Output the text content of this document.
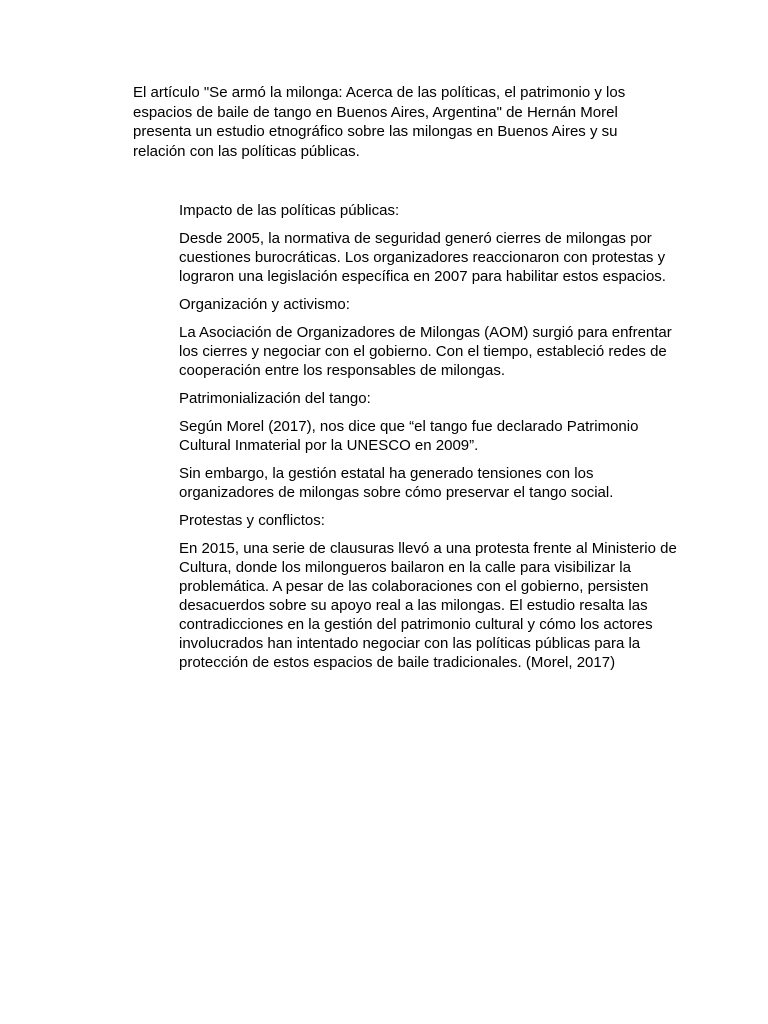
El artículo "Se armó la milonga: Acerca de las políticas, el patrimonio y los espacios de baile de tango en Buenos Aires, Argentina" de Hernán Morel presenta un estudio etnográfico sobre las milongas en Buenos Aires y su relación con las políticas públicas.

Impacto de las políticas públicas:

Desde 2005, la normativa de seguridad generó cierres de milongas por cuestiones burocráticas. Los organizadores reaccionaron con protestas y lograron una legislación específica en 2007 para habilitar estos espacios.

Organización y activismo:

La Asociación de Organizadores de Milongas (AOM) surgió para enfrentar los cierres y negociar con el gobierno. Con el tiempo, estableció redes de cooperación entre los responsables de milongas.

Patrimonialización del tango:

Según Morel (2017), nos dice que “el tango fue declarado Patrimonio Cultural Inmaterial por la UNESCO en 2009”.

Sin embargo, la gestión estatal ha generado tensiones con los organizadores de milongas sobre cómo preservar el tango social.

Protestas y conflictos:

En 2015, una serie de clausuras llevó a una protesta frente al Ministerio de Cultura, donde los milongueros bailaron en la calle para visibilizar la problemática. A pesar de las colaboraciones con el gobierno, persisten desacuerdos sobre su apoyo real a las milongas. El estudio resalta las contradicciones en la gestión del patrimonio cultural y cómo los actores involucrados han intentado negociar con las políticas públicas para la protección de estos espacios de baile tradicionales. (Morel, 2017)
